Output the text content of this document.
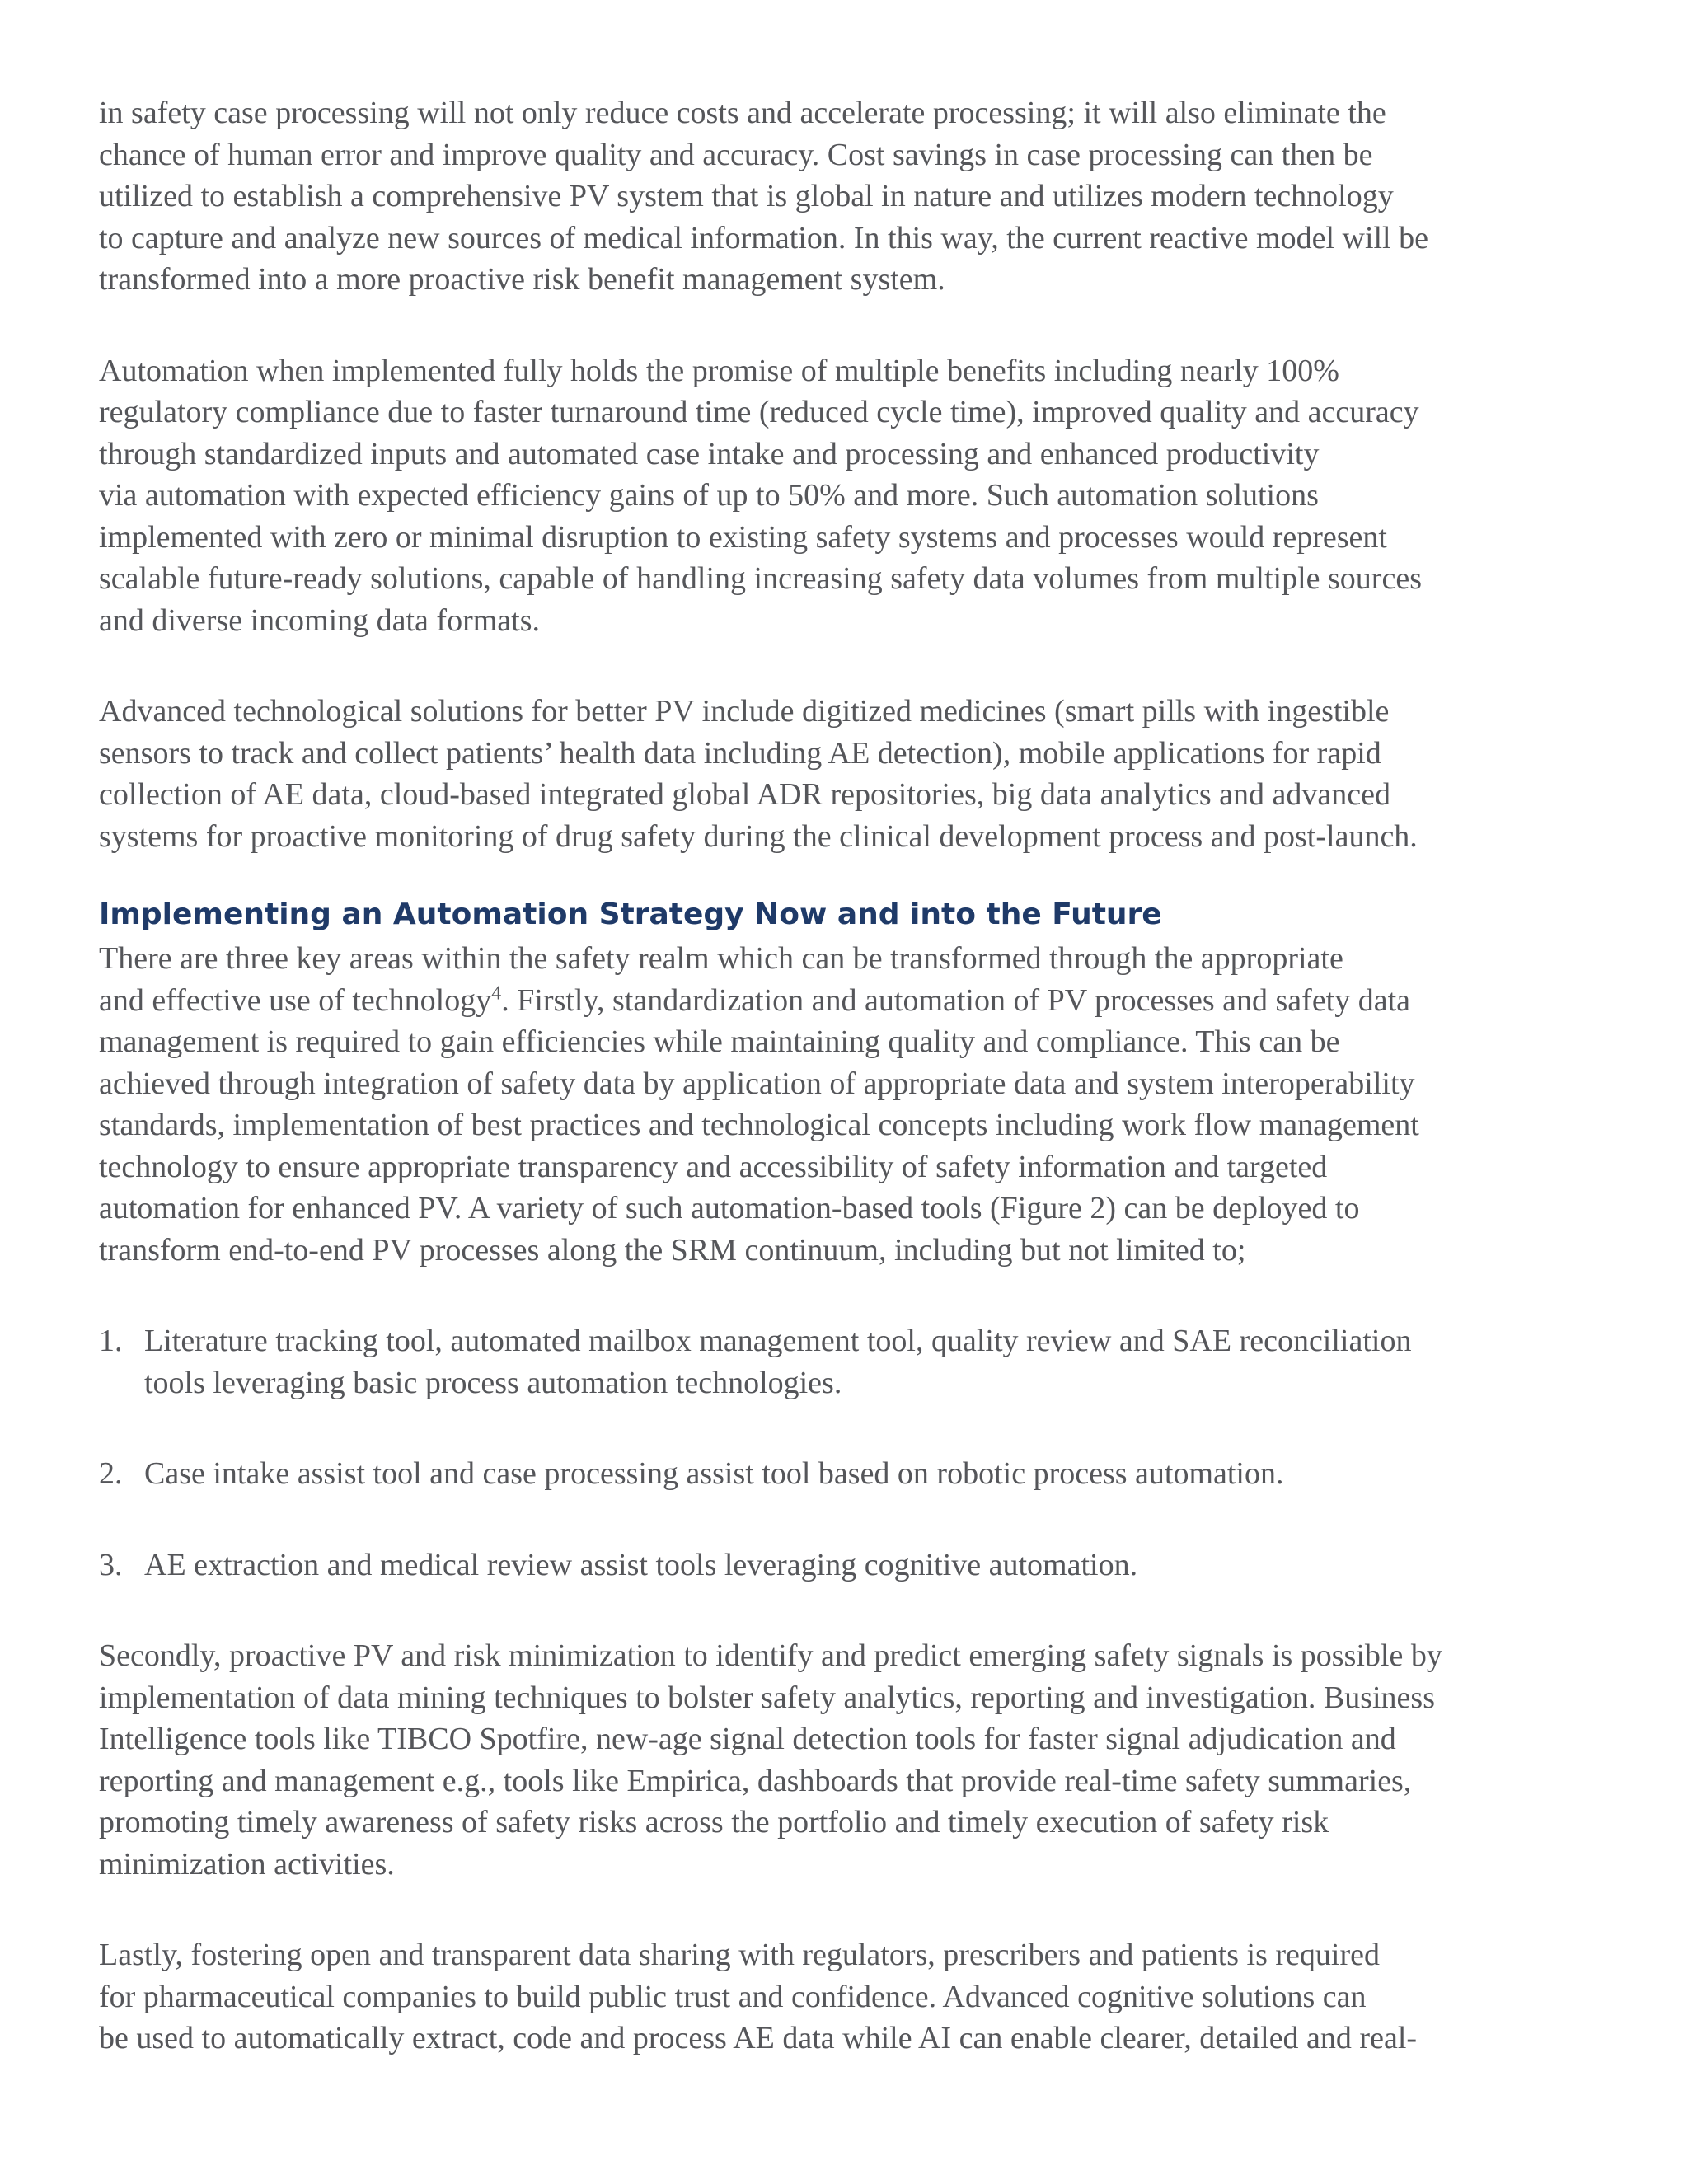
in safety case processing will not only reduce costs and accelerate processing; it will also eliminate the
chance of human error and improve quality and accuracy. Cost savings in case processing can then be
utilized to establish a comprehensive PV system that is global in nature and utilizes modern technology
to capture and analyze new sources of medical information. In this way, the current reactive model will be
transformed into a more proactive risk benefit management system.

Automation when implemented fully holds the promise of multiple benefits including nearly 100%
regulatory compliance due to faster turnaround time (reduced cycle time), improved quality and accuracy
through standardized inputs and automated case intake and processing and enhanced productivity
via automation with expected efficiency gains of up to 50% and more. Such automation solutions
implemented with zero or minimal disruption to existing safety systems and processes would represent
scalable future-ready solutions, capable of handling increasing safety data volumes from multiple sources
and diverse incoming data formats.

Advanced technological solutions for better PV include digitized medicines (smart pills with ingestible
sensors to track and collect patients’ health data including AE detection), mobile applications for rapid
collection of AE data, cloud-based integrated global ADR repositories, big data analytics and advanced
systems for proactive monitoring of drug safety during the clinical development process and post-launch.

Implementing an Automation Strategy Now and into the Future

There are three key areas within the safety realm which can be transformed through the appropriate
and effective use of technology$^4$. Firstly, standardization and automation of PV processes and safety data
management is required to gain efficiencies while maintaining quality and compliance. This can be
achieved through integration of safety data by application of appropriate data and system interoperability
standards, implementation of best practices and technological concepts including work flow management
technology to ensure appropriate transparency and accessibility of safety information and targeted
automation for enhanced PV. A variety of such automation-based tools (Figure 2) can be deployed to
transform end-to-end PV processes along the SRM continuum, including but not limited to;

1. Literature tracking tool, automated mailbox management tool, quality review and SAE reconciliation
tools leveraging basic process automation technologies.
2. Case intake assist tool and case processing assist tool based on robotic process automation.
3. AE extraction and medical review assist tools leveraging cognitive automation.

Secondly, proactive PV and risk minimization to identify and predict emerging safety signals is possible by
implementation of data mining techniques to bolster safety analytics, reporting and investigation. Business
Intelligence tools like TIBCO Spotfire, new-age signal detection tools for faster signal adjudication and
reporting and management e.g., tools like Empirica, dashboards that provide real-time safety summaries,
promoting timely awareness of safety risks across the portfolio and timely execution of safety risk
minimization activities.

Lastly, fostering open and transparent data sharing with regulators, prescribers and patients is required
for pharmaceutical companies to build public trust and confidence. Advanced cognitive solutions can
be used to automatically extract, code and process AE data while AI can enable clearer, detailed and real-
